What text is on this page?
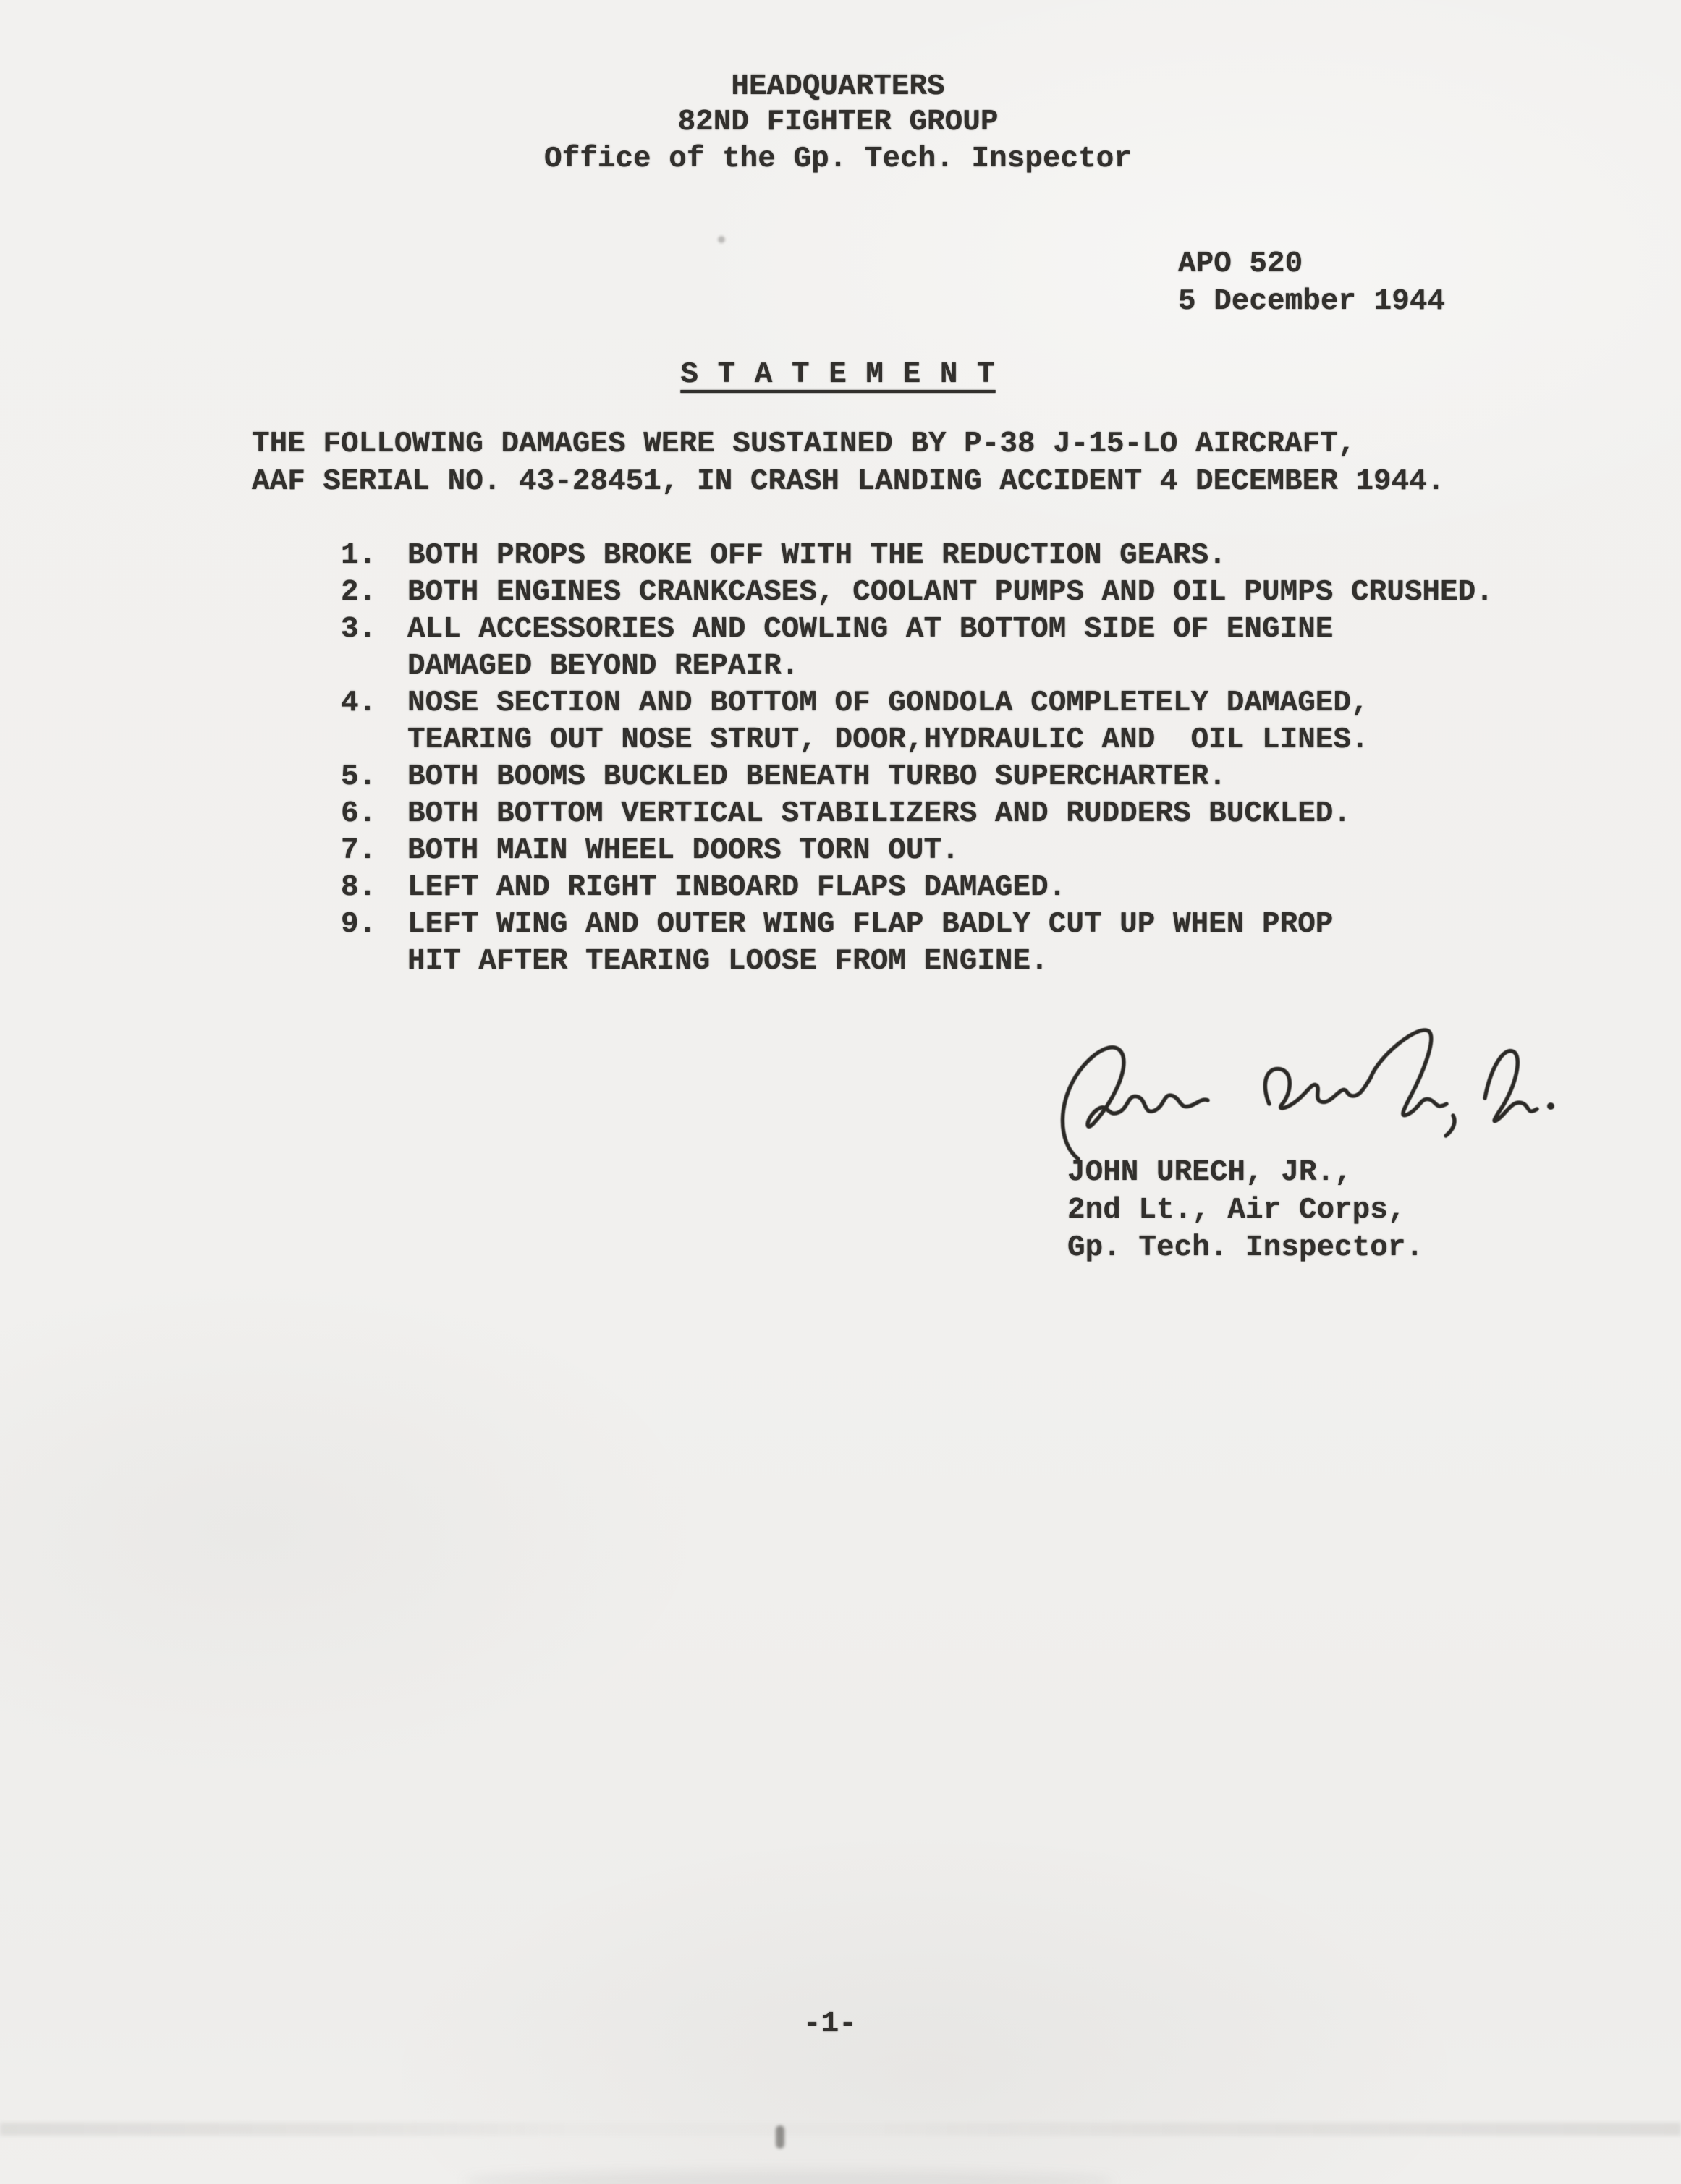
HEADQUARTERS
82ND FIGHTER GROUP
Office of the Gp. Tech. Inspector
APO 520
5 December 1944
S T A T E M E N T
THE FOLLOWING DAMAGES WERE SUSTAINED BY P-38 J-15-LO AIRCRAFT,
AAF SERIAL NO. 43-28451, IN CRASH LANDING ACCIDENT 4 DECEMBER 1944.
1. BOTH PROPS BROKE OFF WITH THE REDUCTION GEARS.
2. BOTH ENGINES CRANKCASES, COOLANT PUMPS AND OIL PUMPS CRUSHED.
3. ALL ACCESSORIES AND COWLING AT BOTTOM SIDE OF ENGINE
DAMAGED BEYOND REPAIR.
4. NOSE SECTION AND BOTTOM OF GONDOLA COMPLETELY DAMAGED,
TEARING OUT NOSE STRUT, DOOR,HYDRAULIC AND  OIL LINES.
5. BOTH BOOMS BUCKLED BENEATH TURBO SUPERCHARTER.
6. BOTH BOTTOM VERTICAL STABILIZERS AND RUDDERS BUCKLED.
7. BOTH MAIN WHEEL DOORS TORN OUT.
8. LEFT AND RIGHT INBOARD FLAPS DAMAGED.
9. LEFT WING AND OUTER WING FLAP BADLY CUT UP WHEN PROP
HIT AFTER TEARING LOOSE FROM ENGINE.
JOHN URECH, JR.,
2nd Lt., Air Corps,
Gp. Tech. Inspector.
-1-
